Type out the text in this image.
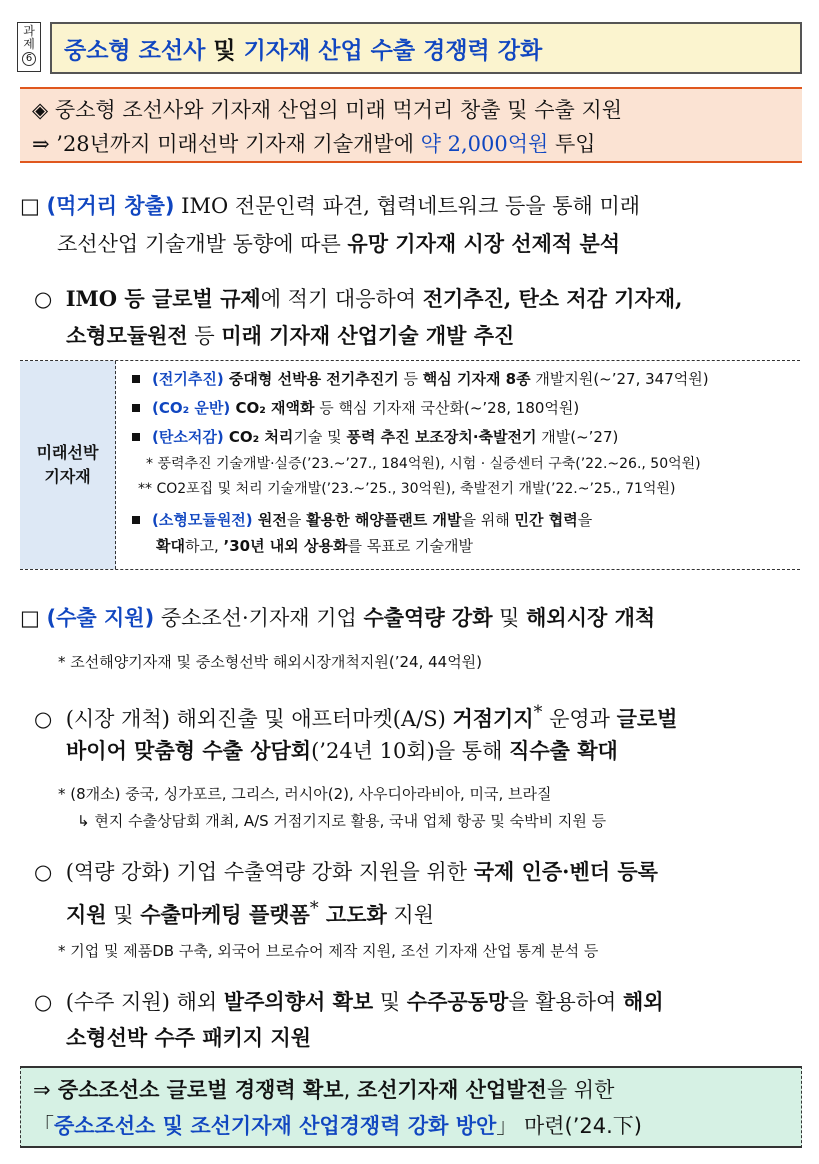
과
제
6	중소형 조선사
및
기자재 산업 수출 경쟁력 강화
◈ 중소형 조선사와 기자재 산업의 미래 먹거리 창출 및 수출 지원
⇒ ’28년까지 미래선박 기자재 기술개발에 약 2,000억원 투입
□ (먹거리 창출) IMO 전문인력 파견, 협력네트워크 등을 통해 미래
조선산업 기술개발 동향에 따른 유망 기자재 시장 선제적 분석
○ IMO 등 글로벌 규제에 적기 대응하여 전기추진, 탄소 저감 기자재,
소형모듈원전 등 미래 기자재 산업기술 개발 추진
미래선박
기자재
(전기추진) 중대형 선박용 전기추진기 등 핵심 기자재 8종 개발지원(~’27, 347억원)
(CO₂ 운반) CO₂ 재액화 등 핵심 기자재 국산화(~’28, 180억원)
(탄소저감) CO₂ 처리기술 및 풍력 추진 보조장치·축발전기 개발(~’27)
* 풍력추진 기술개발·실증(’23.~’27., 184억원), 시험 · 실증센터 구축(’22.~26., 50억원)
** CO2포집 및 처리 기술개발(’23.~’25., 30억원), 축발전기 개발(’22.~’25., 71억원)
(소형모듈원전) 원전을 활용한 해양플랜트 개발을 위해 민간 협력을
확대하고, ’30년 내외 상용화를 목표로 기술개발
□ (수출 지원) 중소조선·기자재 기업 수출역량 강화 및 해외시장 개척
* 조선해양기자재 및 중소형선박 해외시장개척지원(’24, 44억원)
○ (시장 개척) 해외진출 및 애프터마켓(A/S) 거점기지* 운영과 글로벌
바이어 맞춤형 수출 상담회(’24년 10회)을 통해 직수출 확대
* (8개소) 중국, 싱가포르, 그리스, 러시아(2), 사우디아라비아, 미국, 브라질
↳ 현지 수출상담회 개최, A/S 거점기지로 활용, 국내 업체 항공 및 숙박비 지원 등
○ (역량 강화) 기업 수출역량 강화 지원을 위한 국제 인증·벤더 등록
지원 및 수출마케팅 플랫폼* 고도화 지원
* 기업 및 제품DB 구축, 외국어 브로슈어 제작 지원, 조선 기자재 산업 통계 분석 등
○ (수주 지원) 해외 발주의향서 확보 및 수주공동망을 활용하여 해외
소형선박 수주 패키지 지원
⇒ 중소조선소 글로벌 경쟁력 확보, 조선기자재 산업발전을 위한
「중소조선소 및 조선기자재 산업경쟁력 강화 방안」 마련(’24.下)
